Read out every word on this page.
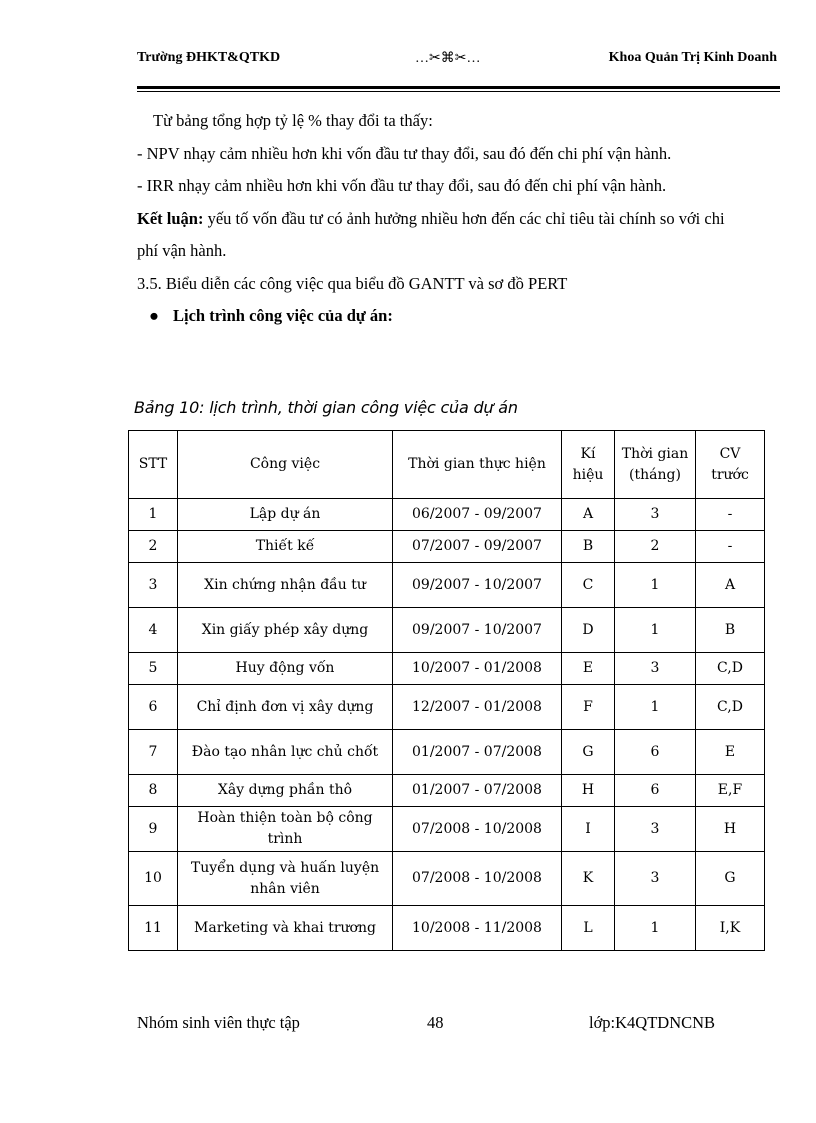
Trường ĐHKT&QTKD	…✂⌘✂…	Khoa Quản Trị Kinh Doanh

Từ bảng tổng hợp tỷ lệ % thay đổi ta thấy:

- NPV nhạy cảm nhiều hơn khi vốn đầu tư thay đổi, sau đó đến chi phí vận hành.

- IRR nhạy cảm nhiều hơn khi vốn đầu tư thay đổi, sau đó đến chi phí vận hành.

Kết luận: yếu tố vốn đầu tư có ảnh hưởng nhiều hơn đến các chỉ tiêu tài chính so với chi phí vận hành.

3.5. Biểu diễn các công việc qua biểu đồ GANTT và sơ đồ PERT

● Lịch trình công việc của dự án:

Bảng 10: lịch trình, thời gian công việc của dự án
STT	Công việc	Thời gian thực hiện	Kí hiệu	Thời gian (tháng)	CV trước
1	Lập dự án	06/2007 - 09/2007	A	3	-
2	Thiết kế	07/2007 - 09/2007	B	2	-
3	Xin chứng nhận đầu tư	09/2007 - 10/2007	C	1	A
4	Xin giấy phép xây dựng	09/2007 - 10/2007	D	1	B
5	Huy động vốn	10/2007 - 01/2008	E	3	C,D
6	Chỉ định đơn vị xây dựng	12/2007 - 01/2008	F	1	C,D
7	Đào tạo nhân lực chủ chốt	01/2007 - 07/2008	G	6	E
8	Xây dựng phần thô	01/2007 - 07/2008	H	6	E,F
9	Hoàn thiện toàn bộ công trình	07/2008 - 10/2008	I	3	H
10	Tuyển dụng và huấn luyện nhân viên	07/2008 - 10/2008	K	3	G
11	Marketing và khai trương	10/2008 - 11/2008	L	1	I,K
Nhóm sinh viên thực tập	48	lớp:K4QTDNCNB
